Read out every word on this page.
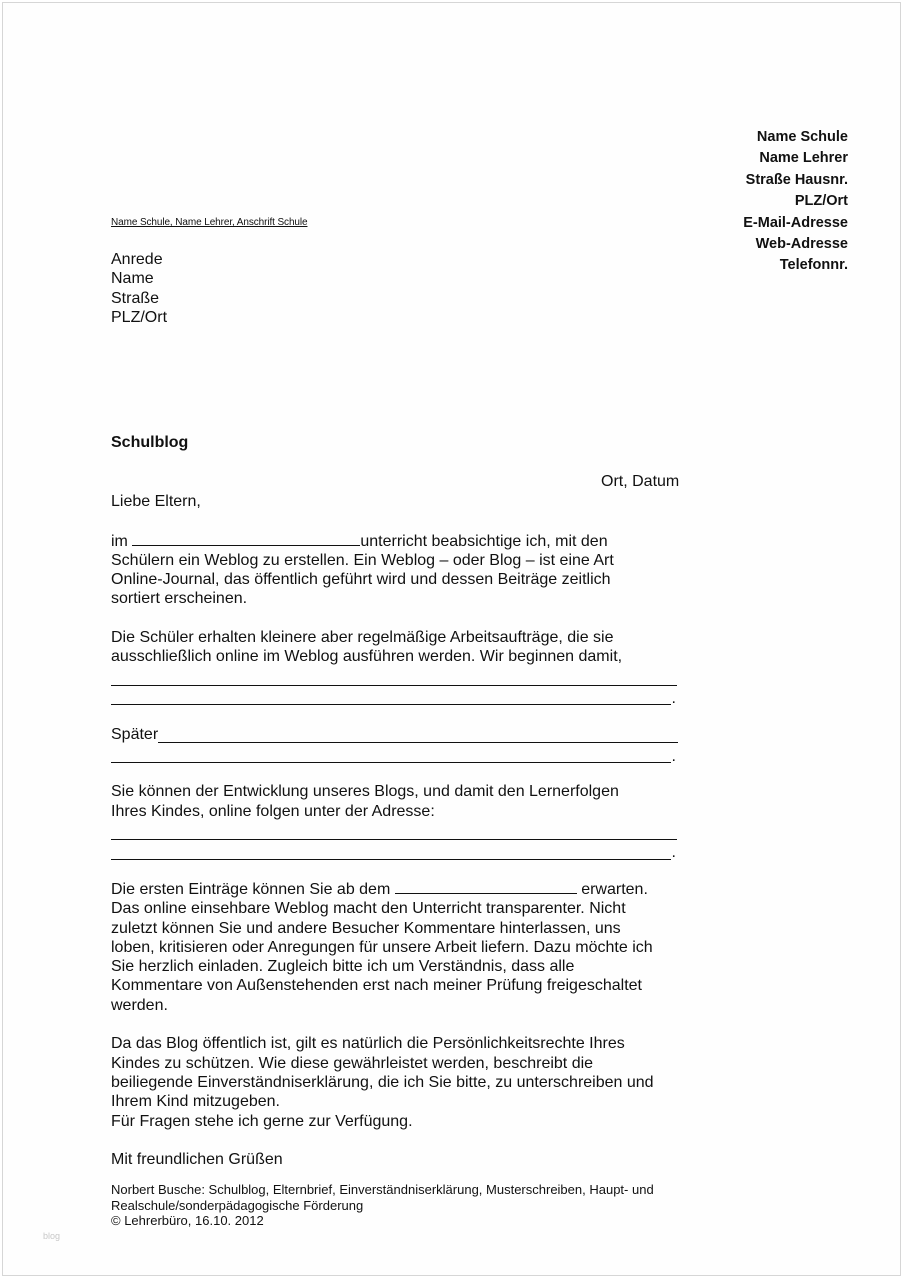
Name Schule
Name Lehrer
Straße Hausnr.
PLZ/Ort
E-Mail-Adresse
Web-Adresse
Telefonnr.
Name Schule, Name Lehrer, Anschrift Schule
Anrede
Name
Straße
PLZ/Ort
Schulblog
Ort, Datum

Liebe Eltern,

im	unterricht beabsichtige ich, mit den

Schülern ein Weblog zu erstellen. Ein Weblog – oder Blog – ist eine Art

Online-Journal, das öffentlich geführt wird und dessen Beiträge zeitlich

sortiert erscheinen.

Die Schüler erhalten kleinere aber regelmäßige Arbeitsaufträge, die sie

ausschließlich online im Weblog ausführen werden. Wir beginnen damit,

.

Später

.

Sie können der Entwicklung unseres Blogs, und damit den Lernerfolgen

Ihres Kindes, online folgen unter der Adresse:

.

Die ersten Einträge können Sie ab dem	erwarten.

Das online einsehbare Weblog macht den Unterricht transparenter. Nicht

zuletzt können Sie und andere Besucher Kommentare hinterlassen, uns

loben, kritisieren oder Anregungen für unsere Arbeit liefern. Dazu möchte ich

Sie herzlich einladen. Zugleich bitte ich um Verständnis, dass alle

Kommentare von Außenstehenden erst nach meiner Prüfung freigeschaltet

werden.

Da das Blog öffentlich ist, gilt es natürlich die Persönlichkeitsrechte Ihres

Kindes zu schützen. Wie diese gewährleistet werden, beschreibt die

beiliegende Einverständniserklärung, die ich Sie bitte, zu unterschreiben und

Ihrem Kind mitzugeben.

Für Fragen stehe ich gerne zur Verfügung.

Mit freundlichen Grüßen

Norbert Busche: Schulblog, Elternbrief, Einverständniserklärung, Musterschreiben, Haupt- und
Realschule/sonderpädagogische Förderung
© Lehrerbüro, 16.10. 2012
blog
